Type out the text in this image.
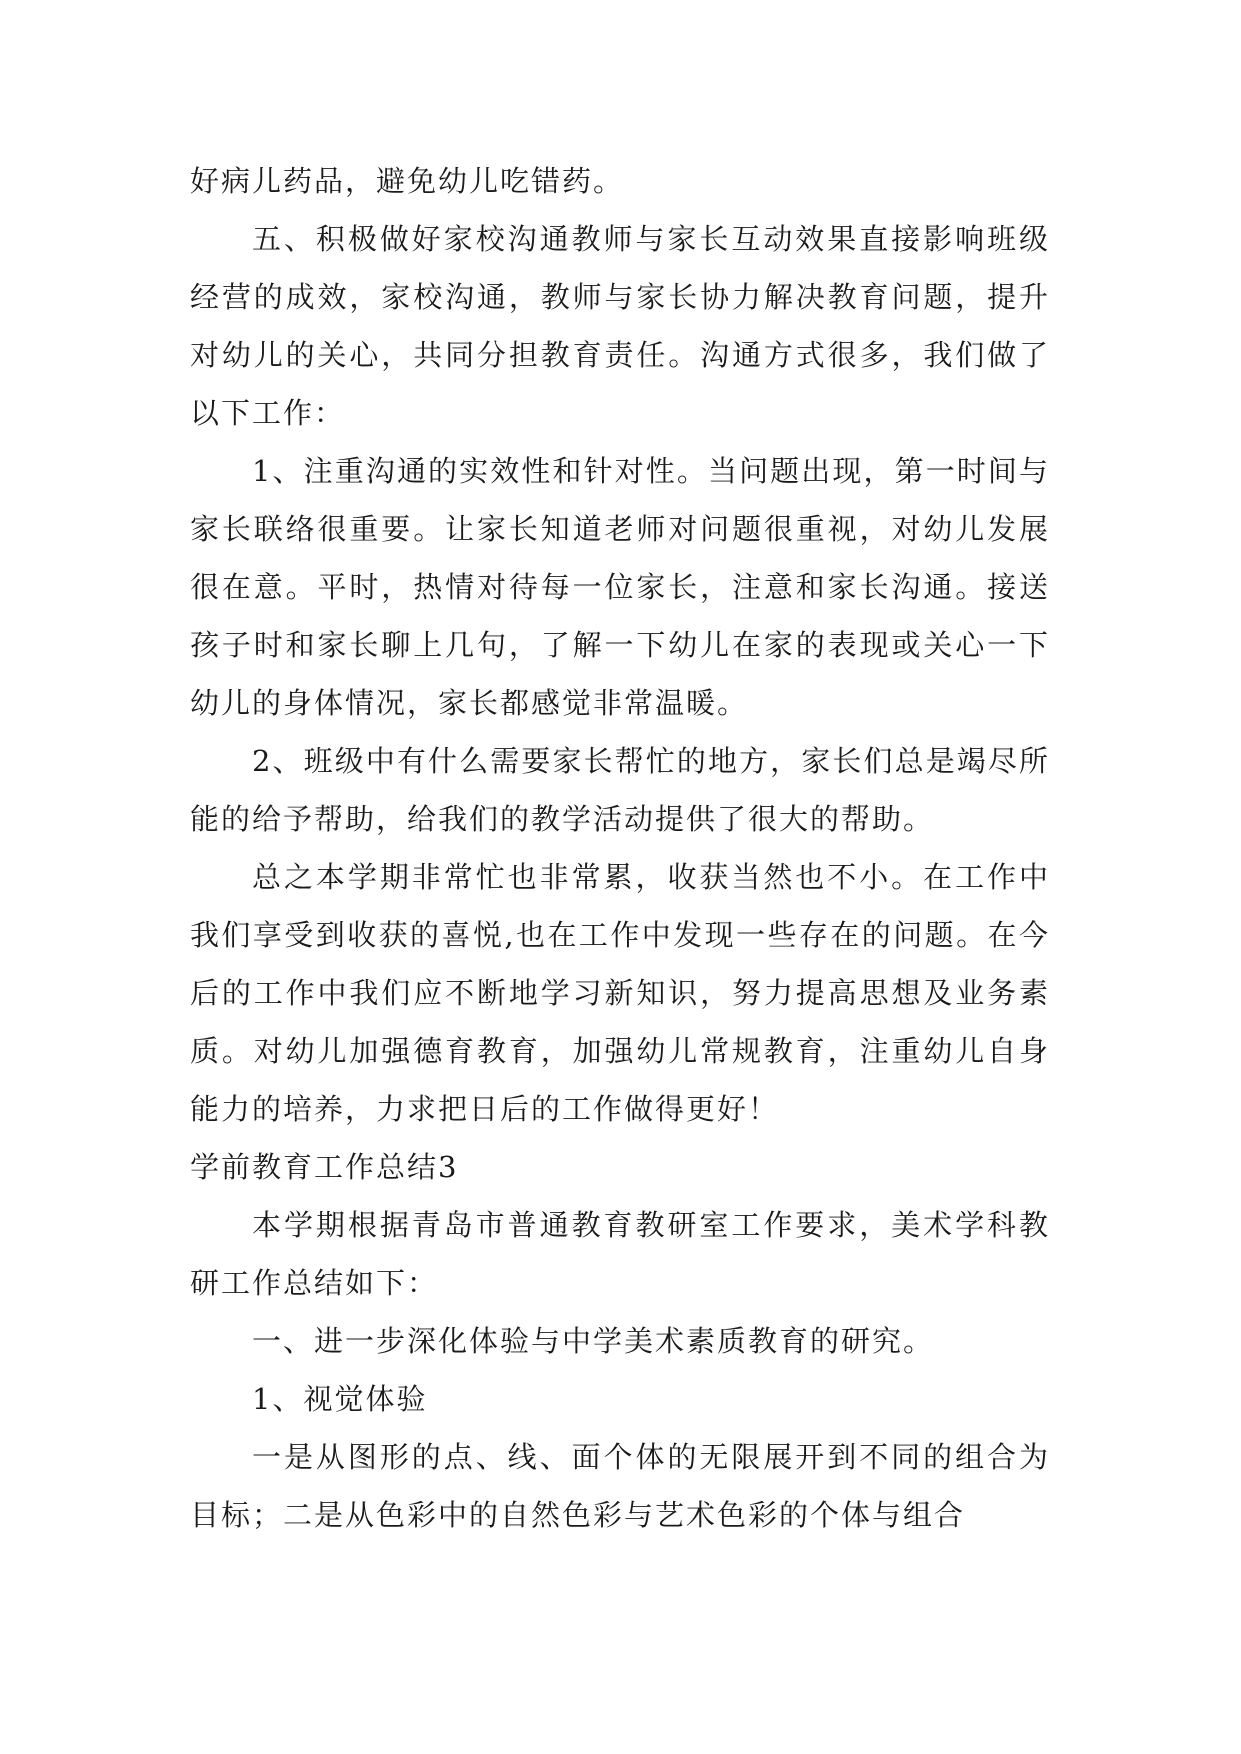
好病儿药品，避免幼儿吃错药。

五、积极做好家校沟通教师与家长互动效果直接影响班级经营的成效，家校沟通，教师与家长协力解决教育问题，提升对幼儿的关心，共同分担教育责任。沟通方式很多，我们做了以下工作：

1、注重沟通的实效性和针对性。当问题出现，第一时间与家长联络很重要。让家长知道老师对问题很重视，对幼儿发展很在意。平时，热情对待每一位家长，注意和家长沟通。接送孩子时和家长聊上几句，了解一下幼儿在家的表现或关心一下幼儿的身体情况，家长都感觉非常温暖。

2、班级中有什么需要家长帮忙的地方，家长们总是竭尽所能的给予帮助，给我们的教学活动提供了很大的帮助。

总之本学期非常忙也非常累，收获当然也不小。在工作中我们享受到收获的喜悦,也在工作中发现一些存在的问题。在今后的工作中我们应不断地学习新知识，努力提高思想及业务素质。对幼儿加强德育教育，加强幼儿常规教育，注重幼儿自身能力的培养，力求把日后的工作做得更好！

学前教育工作总结3

本学期根据青岛市普通教育教研室工作要求，美术学科教研工作总结如下：

一、进一步深化体验与中学美术素质教育的研究。

1、视觉体验

一是从图形的点、线、面个体的无限展开到不同的组合为目标；二是从色彩中的自然色彩与艺术色彩的个体与组合
